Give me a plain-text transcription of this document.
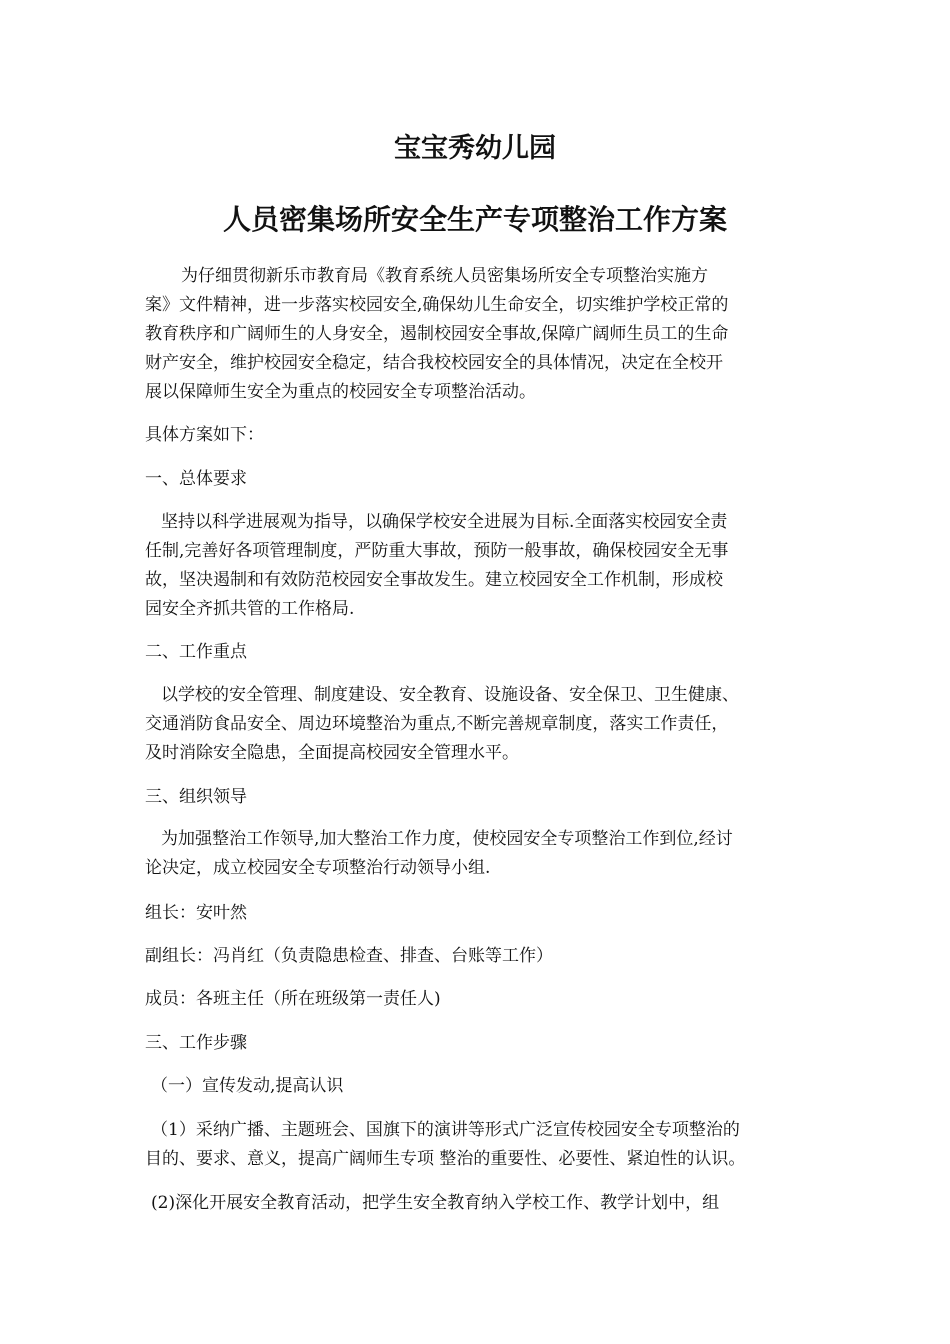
宝宝秀幼儿园
人员密集场所安全生产专项整治工作方案
为仔细贯彻新乐市教育局《教育系统人员密集场所安全专项整治实施方
案》文件精神，进一步落实校园安全,确保幼儿生命安全，切实维护学校正常的
教育秩序和广阔师生的人身安全，遏制校园安全事故,保障广阔师生员工的生命
财产安全，维护校园安全稳定，结合我校校园安全的具体情况，决定在全校开
展以保障师生安全为重点的校园安全专项整治活动。
具体方案如下：
一、总体要求
坚持以科学进展观为指导，以确保学校安全进展为目标.全面落实校园安全责
任制,完善好各项管理制度，严防重大事故，预防一般事故，确保校园安全无事
故，坚决遏制和有效防范校园安全事故发生。建立校园安全工作机制，形成校
园安全齐抓共管的工作格局.
二、工作重点
以学校的安全管理、制度建设、安全教育、设施设备、安全保卫、卫生健康、
交通消防食品安全、周边环境整治为重点,不断完善规章制度，落实工作责任，
及时消除安全隐患，全面提高校园安全管理水平。
三、组织领导
为加强整治工作领导,加大整治工作力度，使校园安全专项整治工作到位,经讨
论决定，成立校园安全专项整治行动领导小组.
组长：安叶然
副组长：冯肖红（负责隐患检查、排查、台账等工作）
成员：各班主任（所在班级第一责任人)
三、工作步骤
（一）宣传发动,提高认识
（1）采纳广播、主题班会、国旗下的演讲等形式广泛宣传校园安全专项整治的
目的、要求、意义，提高广阔师生专项 整治的重要性、必要性、紧迫性的认识。
(2)深化开展安全教育活动，把学生安全教育纳入学校工作、教学计划中，组
